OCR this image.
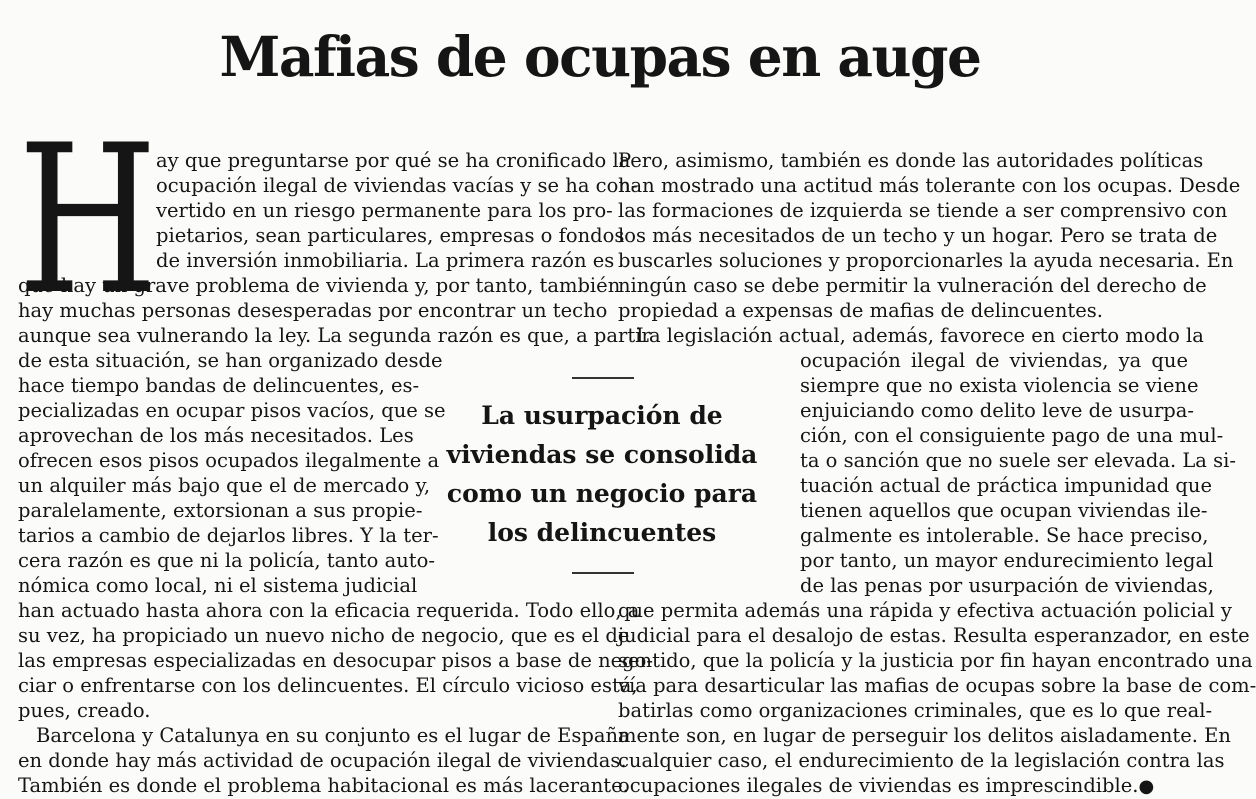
Mafias de ocupas en auge
H ay que preguntarse por qué se ha cronificado la
ocupación ilegal de viviendas vacías y se ha con-
vertido en un riesgo permanente para los pro-
pietarios, sean particulares, empresas o fondos
de inversión inmobiliaria. La primera razón es
que hay un grave problema de vivienda y, por tanto, también
hay muchas personas desesperadas por encontrar un techo
aunque sea vulnerando la ley. La segunda razón es que, a partir
de esta situación, se han organizado desde
hace tiempo bandas de delincuentes, es-
pecializadas en ocupar pisos vacíos, que se
aprovechan de los más necesitados. Les
ofrecen esos pisos ocupados ilegalmente a
un alquiler más bajo que el de mercado y,
paralelamente, extorsionan a sus propie-
tarios a cambio de dejarlos libres. Y la ter-
cera razón es que ni la policía, tanto auto-
nómica como local, ni el sistema judicial
han actuado hasta ahora con la eficacia requerida. Todo ello, a
su vez, ha propiciado un nuevo nicho de negocio, que es el de
las empresas especializadas en desocupar pisos a base de nego-
ciar o enfrentarse con los delincuentes. El círculo vicioso está,
pues, creado.
Barcelona y Catalunya en su conjunto es el lugar de España
en donde hay más actividad de ocupación ilegal de viviendas.
También es donde el problema habitacional es más lacerante.
La usurpación de
viviendas se consolida
como un negocio para
los delincuentes
Pero, asimismo, también es donde las autoridades políticas
han mostrado una actitud más tolerante con los ocupas. Desde
las formaciones de izquierda se tiende a ser comprensivo con
los más necesitados de un techo y un hogar. Pero se trata de
buscarles soluciones y proporcionarles la ayuda necesaria. En
ningún caso se debe permitir la vulneración del derecho de
propiedad a expensas de mafias de delincuentes.
La legislación actual, además, favorece en cierto modo la
ocupación ilegal de viviendas, ya que
siempre que no exista violencia se viene
enjuiciando como delito leve de usurpa-
ción, con el consiguiente pago de una mul-
ta o sanción que no suele ser elevada. La si-
tuación actual de práctica impunidad que
tienen aquellos que ocupan viviendas ile-
galmente es intolerable. Se hace preciso,
por tanto, un mayor endurecimiento legal
de las penas por usurpación de viviendas,
que permita además una rápida y efectiva actuación policial y
judicial para el desalojo de estas. Resulta esperanzador, en este
sentido, que la policía y la justicia por fin hayan encontrado una
vía para desarticular las mafias de ocupas sobre la base de com-
batirlas como organizaciones criminales, que es lo que real-
mente son, en lugar de perseguir los delitos aisladamente. En
cualquier caso, el endurecimiento de la legislación contra las
ocupaciones ilegales de viviendas es imprescindible.●
